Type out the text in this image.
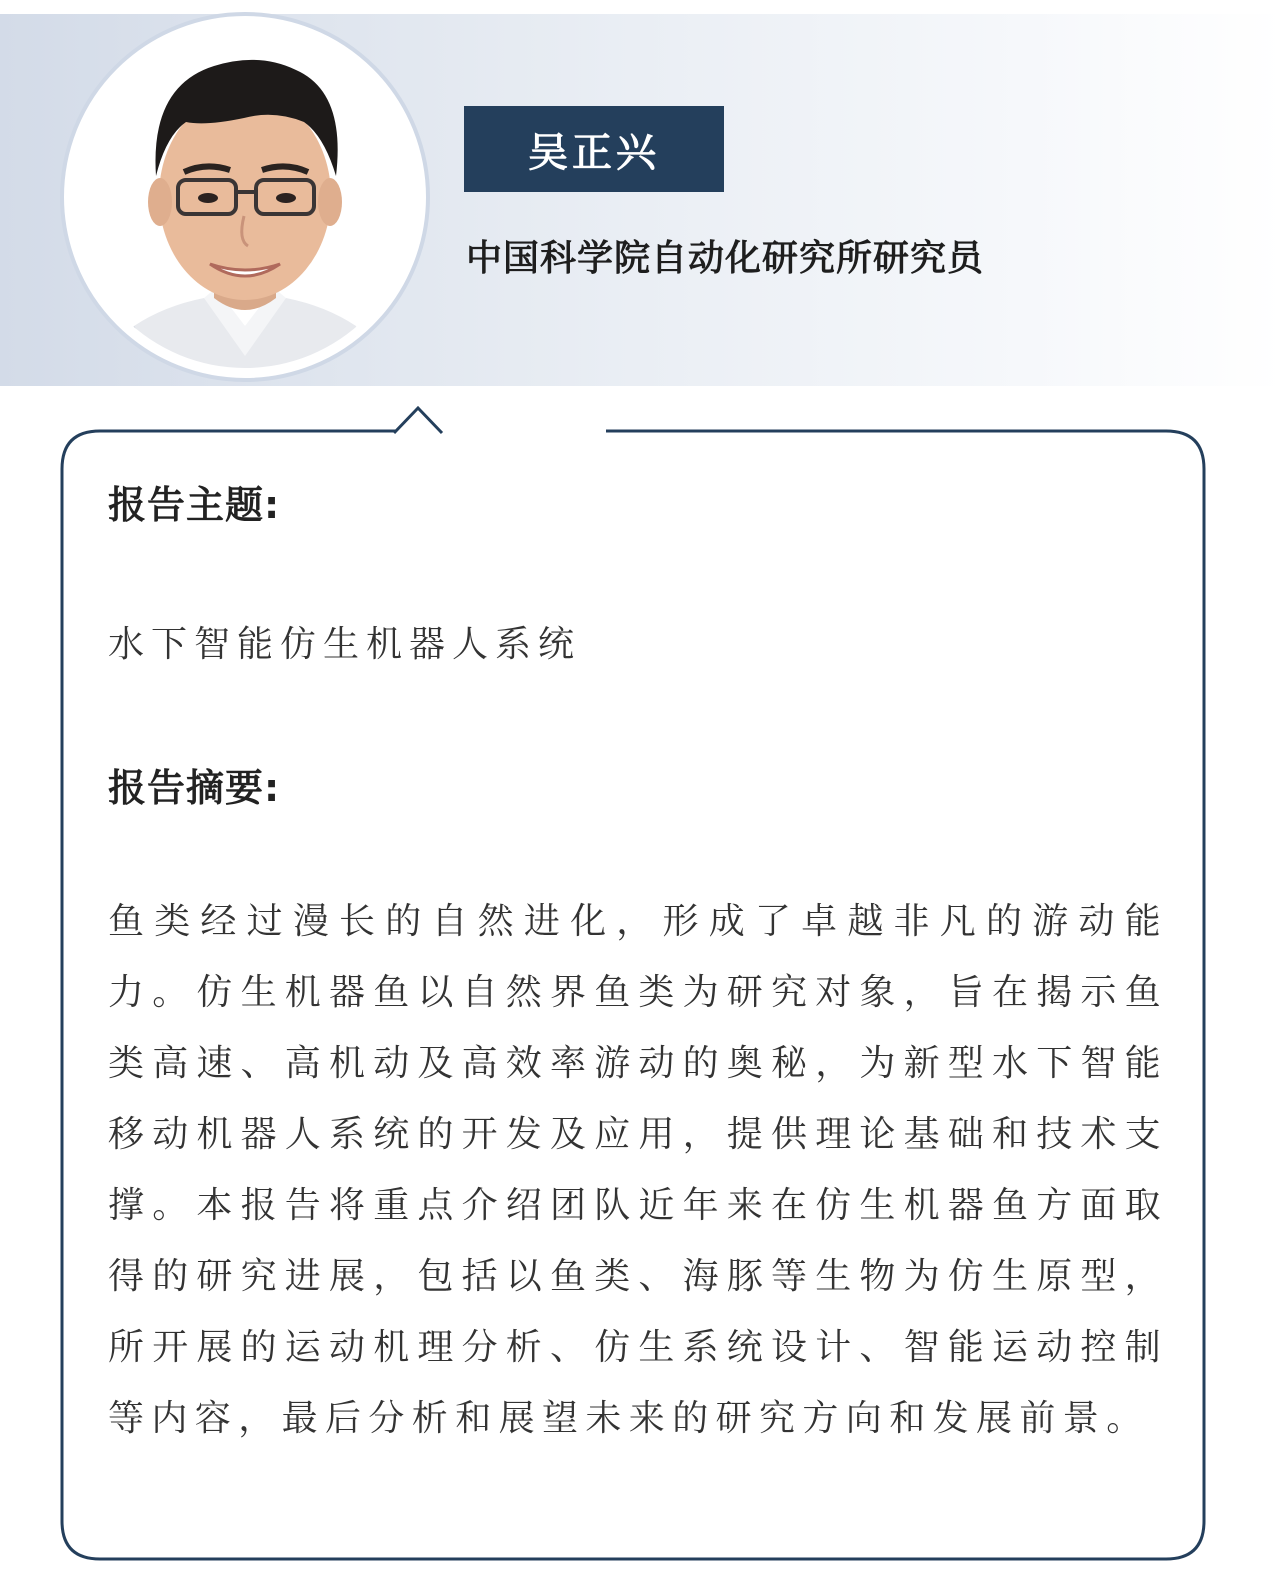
吴正兴
中国科学院自动化研究所研究员
报告主题:
水下智能仿生机器人系统
报告摘要:
鱼类经过漫长的自然进化，形成了卓越非凡的游动能力。仿生机器鱼以自然界鱼类为研究对象，旨在揭示鱼类高速、高机动及高效率游动的奥秘，为新型水下智能移动机器人系统的开发及应用，提供理论基础和技术支撑。本报告将重点介绍团队近年来在仿生机器鱼方面取得的研究进展，包括以鱼类、海豚等生物为仿生原型，所开展的运动机理分析、仿生系统设计、智能运动控制等内容，最后分析和展望未来的研究方向和发展前景。
